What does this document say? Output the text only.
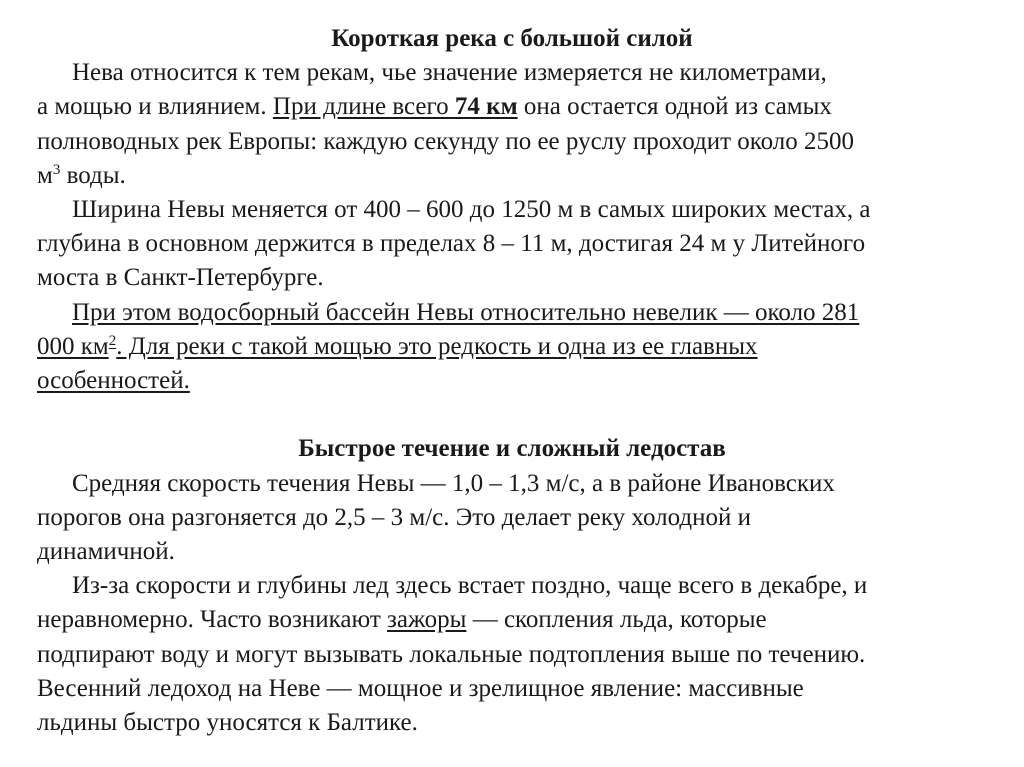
Короткая река с большой силой

Нева относится к тем рекам, чье значение измеряется не километрами,
а мощью и влиянием. При длине всего 74 км она остается одной из самых
полноводных рек Европы: каждую секунду по ее руслу проходит около 2500
$м^3$ воды.
Ширина Невы меняется от 400 – 600 до 1250 м в самых широких местах, а
глубина в основном держится в пределах 8 – 11 м, достигая 24 м у Литейного
моста в Санкт-Петербурге.
При этом водосборный бассейн Невы относительно невелик — около 281
000 $км^2$. Для реки с такой мощью это редкость и одна из ее главных
особенностей.

Быстрое течение и сложный ледостав

Средняя скорость течения Невы — 1,0 – 1,3 м/с, а в районе Ивановских
порогов она разгоняется до 2,5 – 3 м/с. Это делает реку холодной и
динамичной.
Из-за скорости и глубины лед здесь встает поздно, чаще всего в декабре, и
неравномерно. Часто возникают зажоры — скопления льда, которые
подпирают воду и могут вызывать локальные подтопления выше по течению.
Весенний ледоход на Неве — мощное и зрелищное явление: массивные
льдины быстро уносятся к Балтике.
